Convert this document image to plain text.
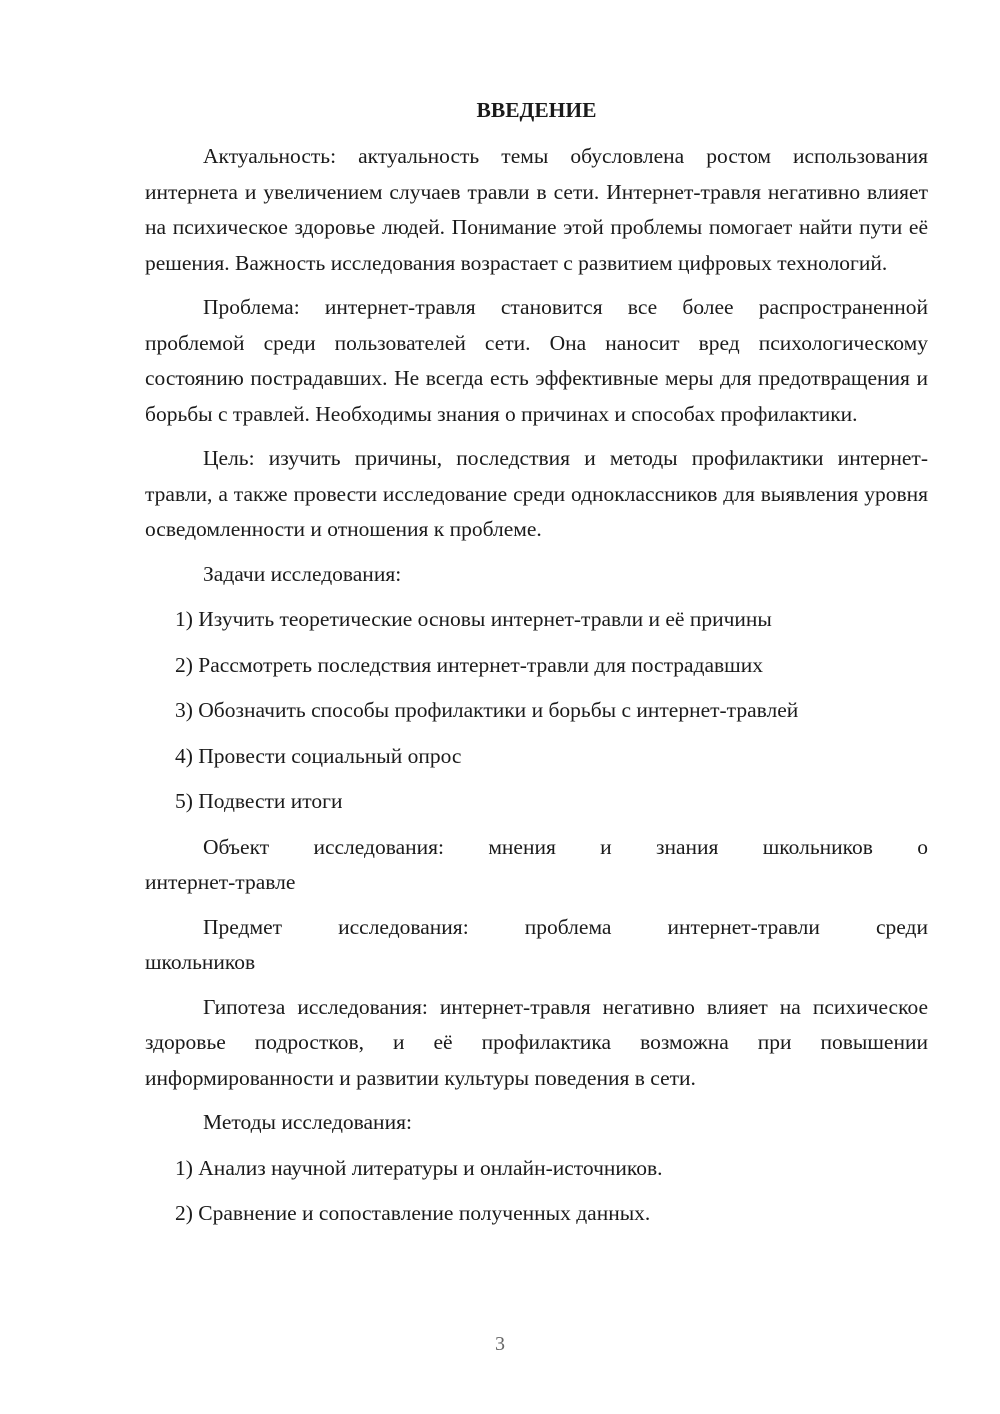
ВВЕДЕНИЕ

Актуальность: актуальность темы обусловлена ростом использования интернета и увеличением случаев травли в сети. Интернет-травля негативно влияет на психическое здоровье людей. Понимание этой проблемы помогает найти пути её решения. Важность исследования возрастает с развитием цифровых технологий.

Проблема: интернет-травля становится все более распространенной проблемой среди пользователей сети. Она наносит вред психологическому состоянию пострадавших. Не всегда есть эффективные меры для предотвращения и борьбы с травлей. Необходимы знания о причинах и способах профилактики.

Цель: изучить причины, последствия и методы профилактики интернет-травли, а также провести исследование среди одноклассников для выявления уровня осведомленности и отношения к проблеме.

Задачи исследования:
1) Изучить теоретические основы интернет-травли и её причины
2) Рассмотреть последствия интернет-травли для пострадавших
3) Обозначить способы профилактики и борьбы с интернет-травлей
4) Провести социальный опрос
5) Подвести итоги

Объект исследования: мнения и знания школьников о
интернет-травле

Предмет исследования: проблема интернет-травли среди
школьников

Гипотеза исследования: интернет-травля негативно влияет на психическое здоровье подростков, и её профилактика возможна при повышении информированности и развитии культуры поведения в сети.

Методы исследования:
1) Анализ научной литературы и онлайн-источников.
2) Сравнение и сопоставление полученных данных.
3
